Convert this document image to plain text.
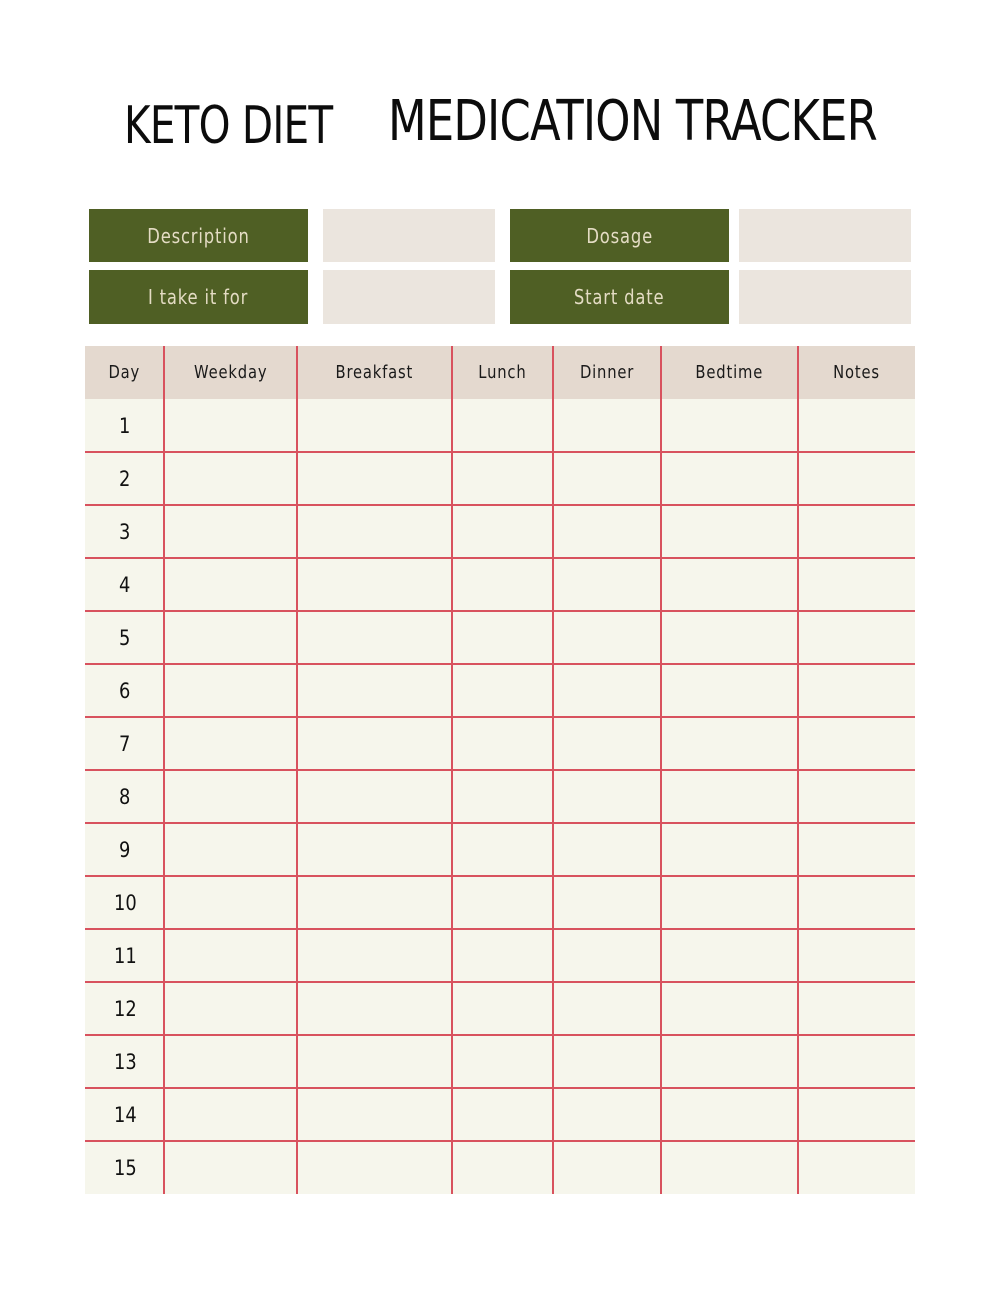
KETO DIET MEDICATION TRACKER
Description	Dosage
I take it for	Start date
Day	Weekday	Breakfast	Lunch	Dinner	Bedtime	Notes
1
2
3
4
5
6
7
8
9
10
11
12
13
14
15
